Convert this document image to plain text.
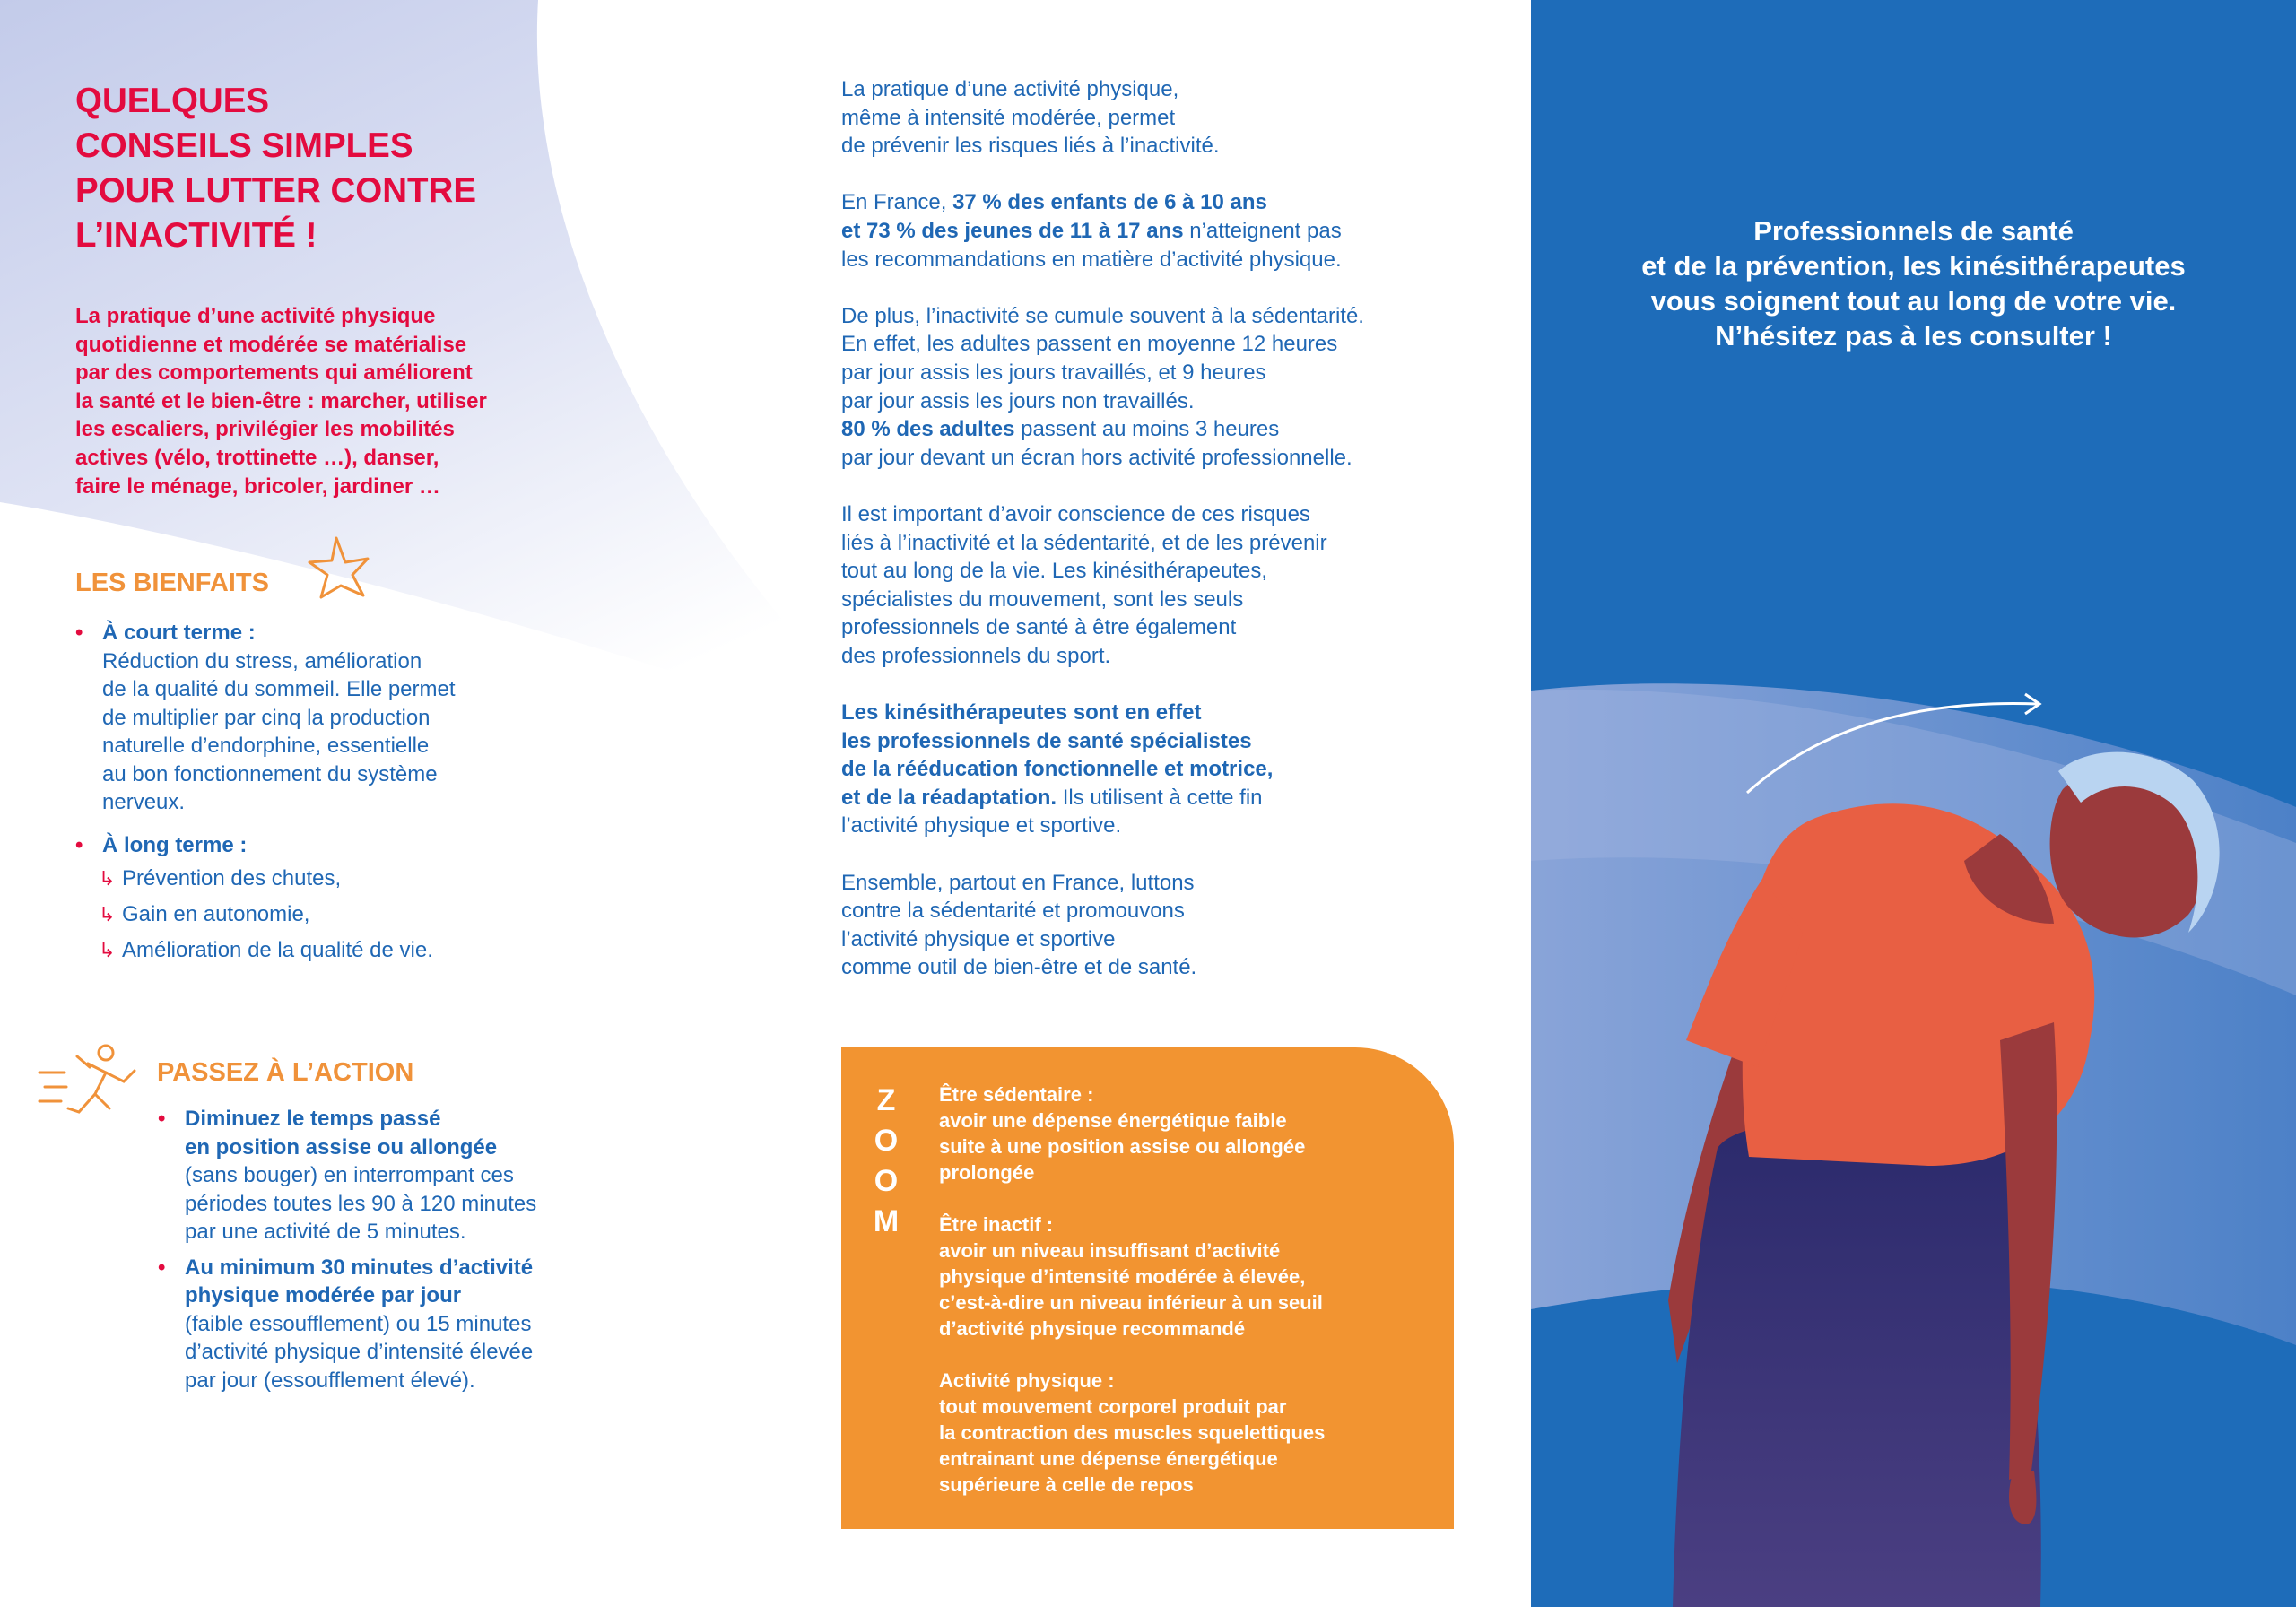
QUELQUES
CONSEILS SIMPLES
POUR LUTTER CONTRE
L’INACTIVITÉ !
La pratique d’une activité physique
quotidienne et modérée se matérialise
par des comportements qui améliorent
la santé et le bien-être : marcher, utiliser
les escaliers, privilégier les mobilités
actives (vélo, trottinette …), danser,
faire le ménage, bricoler, jardiner …
LES BIENFAITS
• À court terme :
Réduction du stress, amélioration
de la qualité du sommeil. Elle permet
de multiplier par cinq la production
naturelle d’endorphine, essentielle
au bon fonctionnement du système
nerveux.
• À long terme :
↳ Prévention des chutes,
↳ Gain en autonomie,
↳ Amélioration de la qualité de vie.
PASSEZ À L’ACTION
• Diminuez le temps passé
en position assise ou allongée
(sans bouger) en interrompant ces
périodes toutes les 90 à 120 minutes
par une activité de 5 minutes.
• Au minimum 30 minutes d’activité
physique modérée par jour
(faible essoufflement) ou 15 minutes
d’activité physique d’intensité élevée
par jour (essoufflement élevé).
La pratique d’une activité physique,
même à intensité modérée, permet
de prévenir les risques liés à l’inactivité.
En France, 37 % des enfants de 6 à 10 ans
et 73 % des jeunes de 11 à 17 ans n’atteignent pas
les recommandations en matière d’activité physique.
De plus, l’inactivité se cumule souvent à la sédentarité.
En effet, les adultes passent en moyenne 12 heures
par jour assis les jours travaillés, et 9 heures
par jour assis les jours non travaillés.
80 % des adultes passent au moins 3 heures
par jour devant un écran hors activité professionnelle.
Il est important d’avoir conscience de ces risques
liés à l’inactivité et la sédentarité, et de les prévenir
tout au long de la vie. Les kinésithérapeutes,
spécialistes du mouvement, sont les seuls
professionnels de santé à être également
des professionnels du sport.
Les kinésithérapeutes sont en effet
les professionnels de santé spécialistes
de la rééducation fonctionnelle et motrice,
et de la réadaptation. Ils utilisent à cette fin
l’activité physique et sportive.
Ensemble, partout en France, luttons
contre la sédentarité et promouvons
l’activité physique et sportive
comme outil de bien-être et de santé.
Z
O
O
M
Être sédentaire :
avoir une dépense énergétique faible
suite à une position assise ou allongée
prolongée
Être inactif :
avoir un niveau insuffisant d’activité
physique d’intensité modérée à élevée,
c’est-à-dire un niveau inférieur à un seuil
d’activité physique recommandé
Activité physique :
tout mouvement corporel produit par
la contraction des muscles squelettiques
entrainant une dépense énergétique
supérieure à celle de repos
Professionnels de santé
et de la prévention, les kinésithérapeutes
vous soignent tout au long de votre vie.
N’hésitez pas à les consulter !
